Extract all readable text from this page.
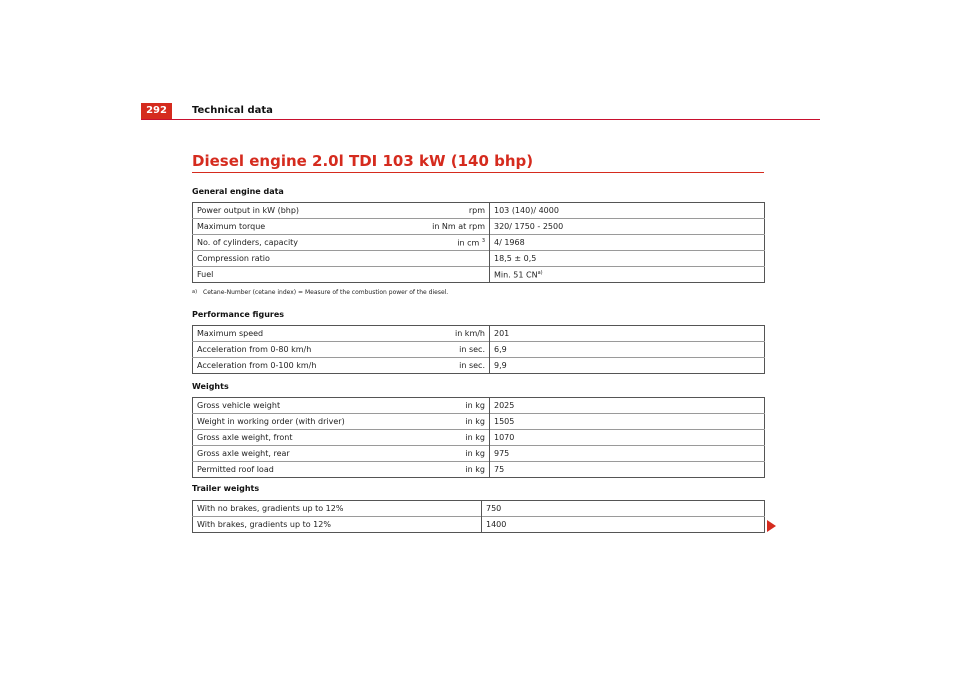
292	Technical data
Diesel engine 2.0l TDI 103 kW (140 bhp)
General engine data
Power output in kW (bhp)	rpm	103 (140)/ 4000
Maximum torque	in Nm at rpm	320/ 1750 - 2500
No. of cylinders, capacity	in cm $^3$	4/ 1968
Compression ratio		18,5 ± 0,5
Fuel		Min. 51 CN$^{a)}$
$^{a)}$ Cetane-Number (cetane index) = Measure of the combustion power of the diesel.
Performance figures
Maximum speed	in km/h	201
Acceleration from 0-80 km/h	in sec.	6,9
Acceleration from 0-100 km/h	in sec.	9,9
Weights
Gross vehicle weight	in kg	2025
Weight in working order (with driver)	in kg	1505
Gross axle weight, front	in kg	1070
Gross axle weight, rear	in kg	975
Permitted roof load	in kg	75
Trailer weights
With no brakes, gradients up to 12%	750
With brakes, gradients up to 12%	1400
